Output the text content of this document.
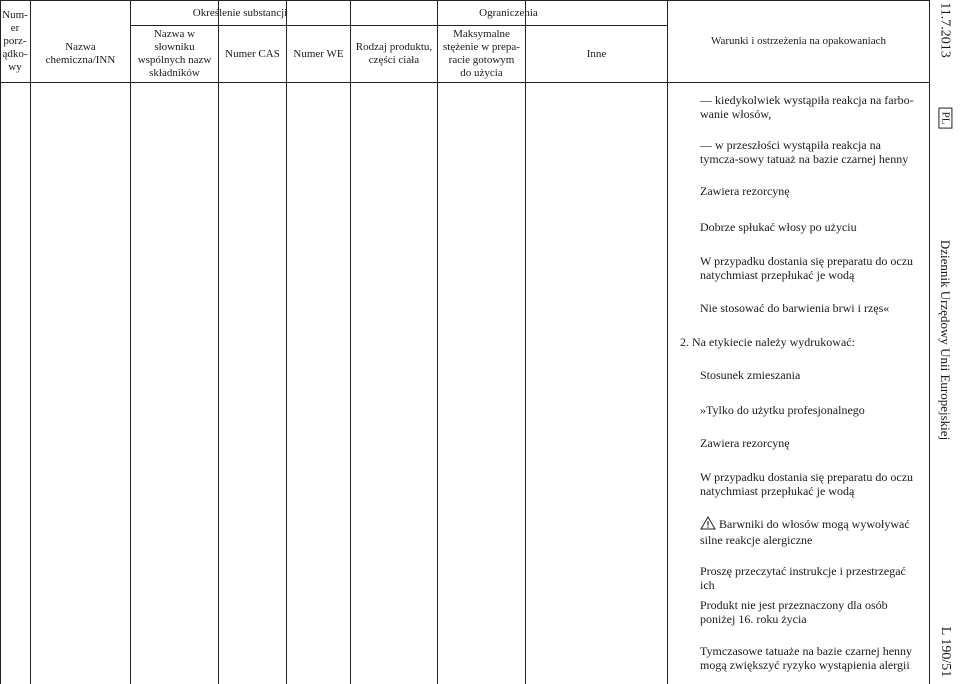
Num-
er
porz-
ądko-
wy
Określenie substancji
Nazwa chemiczna/INN
Nazwa w słowniku wspólnych nazw składników
Numer CAS	Numer WE
Ograniczenia
Rodzaj produktu, części ciała
Maksymalne stężenie w prepa-racie gotowym do użycia
Inne
Warunki i ostrzeżenia na opakowaniach
— kiedykolwiek wystąpiła reakcja na farbo-wanie włosów,
— w przeszłości wystąpiła reakcja na tymcza-sowy tatuaż na bazie czarnej henny
Zawiera rezorcynę
Dobrze spłukać włosy po użyciu
W przypadku dostania się preparatu do oczu natychmiast przepłukać je wodą
Nie stosować do barwienia brwi i rzęs«
2. Na etykiecie należy wydrukować:
Stosunek zmieszania
»Tylko do użytku profesjonalnego
Zawiera rezorcynę
W przypadku dostania się preparatu do oczu natychmiast przepłukać je wodą
Barwniki do włosów mogą wywoływać silne reakcje alergiczne
Proszę przeczytać instrukcje i przestrzegać ich
Produkt nie jest przeznaczony dla osób poniżej 16. roku życia
Tymczasowe tatuaże na bazie czarnej henny mogą zwiększyć ryzyko wystąpienia alergii
11.7.2013
PL
Dziennik Urzędowy Unii Europejskiej
L 190/51
